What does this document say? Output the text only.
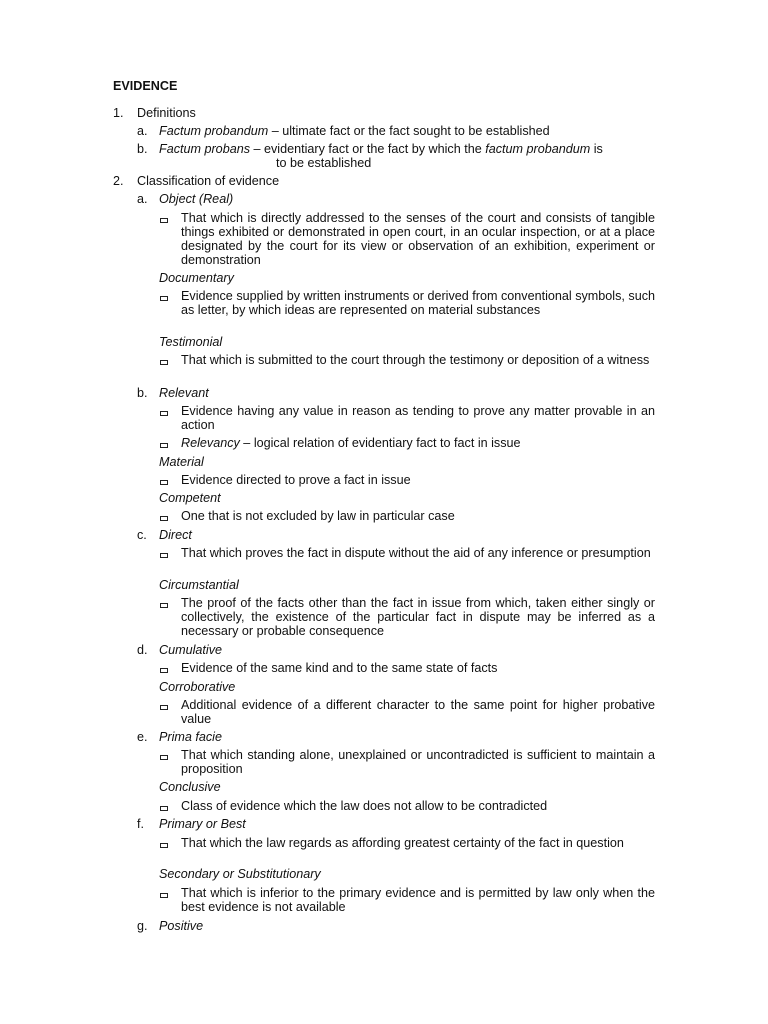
EVIDENCE
1. Definitions
a. Factum probandum – ultimate fact or the fact sought to be established
b. Factum probans – evidentiary fact or the fact by which the factum probandum is
to be established
2. Classification of evidence
a. Object (Real)
That which is directly addressed to the senses of the court and consists of tangible things exhibited or demonstrated in open court, in an ocular inspection, or at a place designated by the court for its view or observation of an exhibition, experiment or demonstration
Documentary
Evidence supplied by written instruments or derived from conventional symbols, such as letter, by which ideas are represented on material substances
Testimonial
That which is submitted to the court through the testimony or deposition of a witness
b. Relevant
Evidence having any value in reason as tending to prove any matter provable in an action
Relevancy – logical relation of evidentiary fact to fact in issue
Material
Evidence directed to prove a fact in issue
Competent
One that is not excluded by law in particular case
c. Direct
That which proves the fact in dispute without the aid of any inference or presumption
Circumstantial
The proof of the facts other than the fact in issue from which, taken either singly or collectively, the existence of the particular fact in dispute may be inferred as a necessary or probable consequence
d. Cumulative
Evidence of the same kind and to the same state of facts
Corroborative
Additional evidence of a different character to the same point for higher probative value
e. Prima facie
That which standing alone, unexplained or uncontradicted is sufficient to maintain a proposition
Conclusive
Class of evidence which the law does not allow to be contradicted
f. Primary or Best
That which the law regards as affording greatest certainty of the fact in question
Secondary or Substitutionary
That which is inferior to the primary evidence and is permitted by law only when the best evidence is not available
g. Positive
